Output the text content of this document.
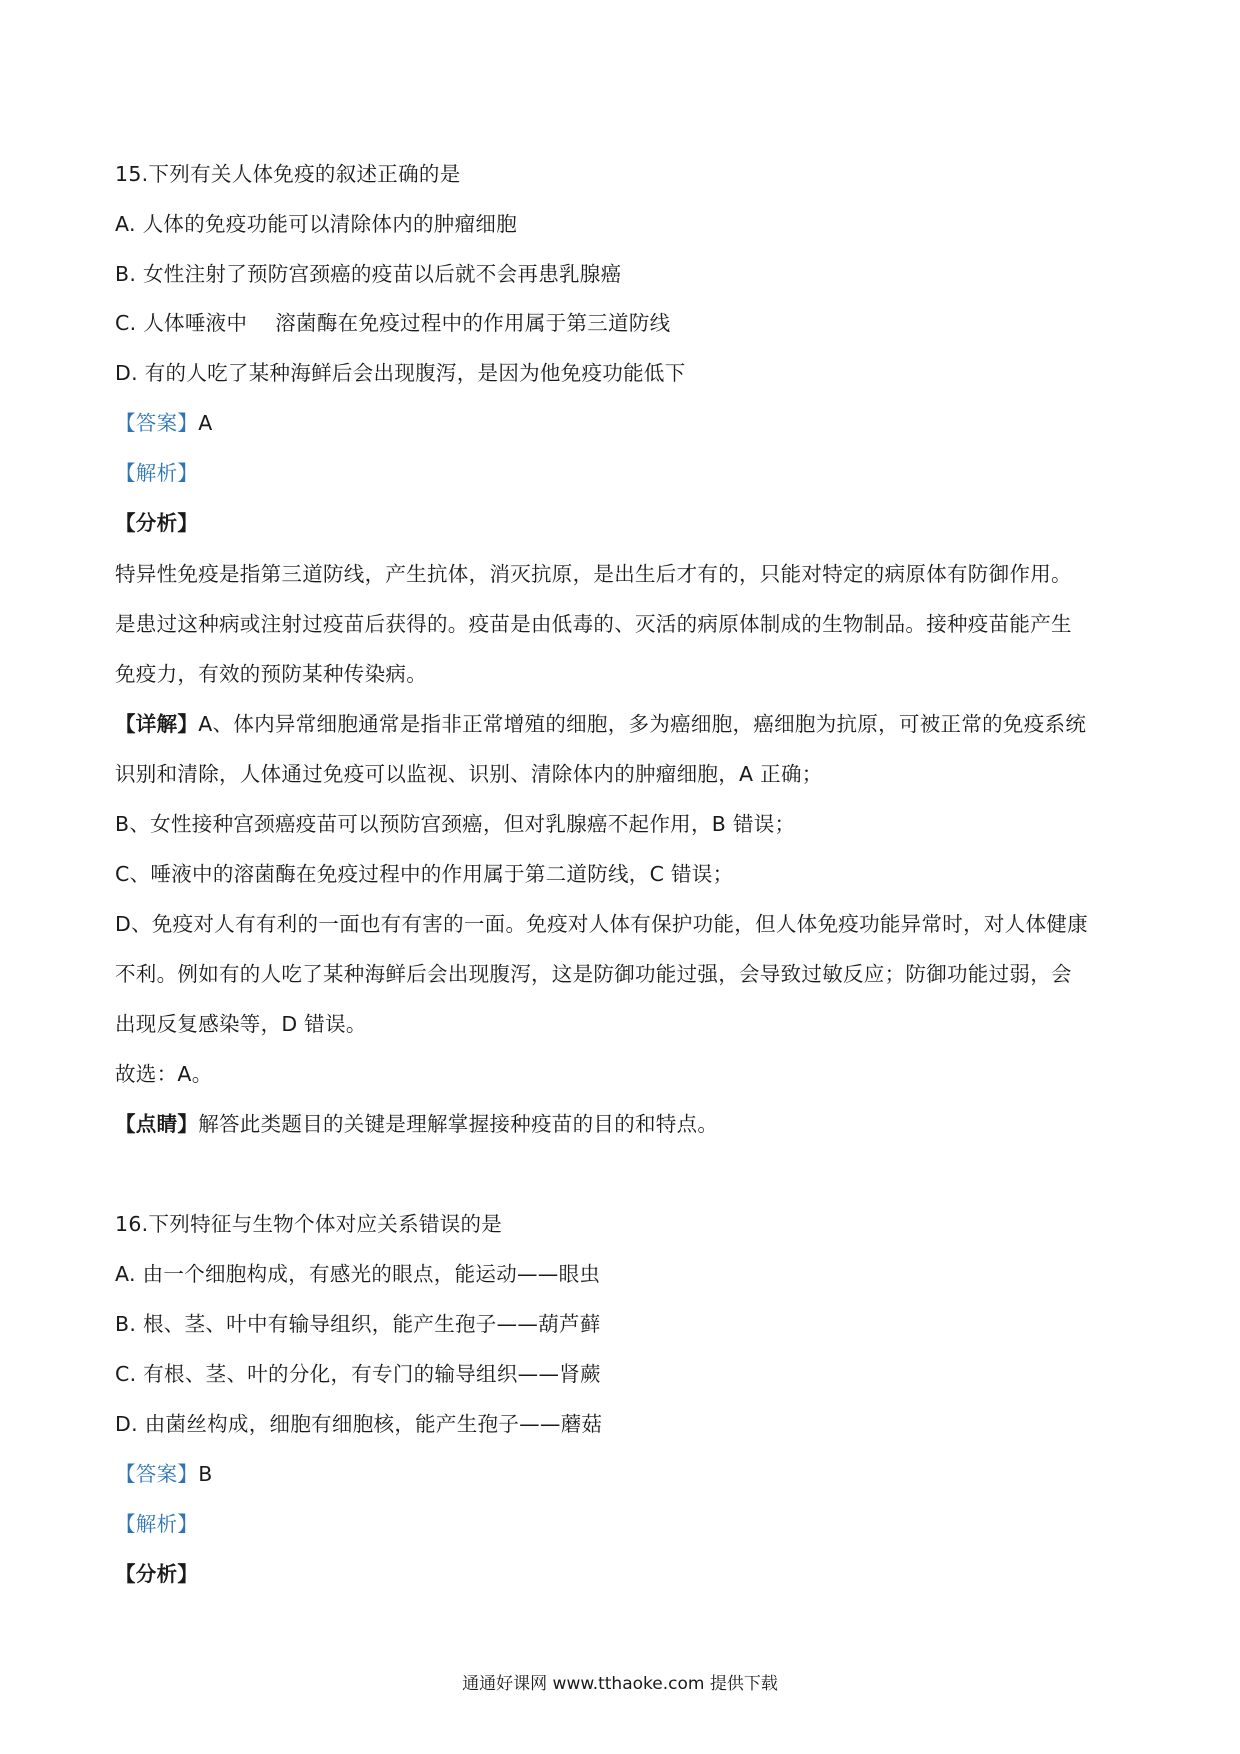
15.下列有关人体免疫的叙述正确的是
A. 人体的免疫功能可以清除体内的肿瘤细胞
B. 女性注射了预防宫颈癌的疫苗以后就不会再患乳腺癌
C. 人体唾液中 溶菌酶在免疫过程中的作用属于第三道防线
D. 有的人吃了某种海鲜后会出现腹泻，是因为他免疫功能低下
【答案】A
【解析】
【分析】
特异性免疫是指第三道防线，产生抗体，消灭抗原，是出生后才有的，只能对特定的病原体有防御作用。
是患过这种病或注射过疫苗后获得的。疫苗是由低毒的、灭活的病原体制成的生物制品。接种疫苗能产生
免疫力，有效的预防某种传染病。
【详解】A、体内异常细胞通常是指非正常增殖的细胞，多为癌细胞，癌细胞为抗原，可被正常的免疫系统
识别和清除，人体通过免疫可以监视、识别、清除体内的肿瘤细胞，A 正确；
B、女性接种宫颈癌疫苗可以预防宫颈癌，但对乳腺癌不起作用，B 错误；
C、唾液中的溶菌酶在免疫过程中的作用属于第二道防线，C 错误；
D、免疫对人有有利的一面也有有害的一面。免疫对人体有保护功能，但人体免疫功能异常时，对人体健康
不利。例如有的人吃了某种海鲜后会出现腹泻，这是防御功能过强，会导致过敏反应；防御功能过弱，会
出现反复感染等，D 错误。
故选：A。
【点睛】解答此类题目的关键是理解掌握接种疫苗的目的和特点。
16.下列特征与生物个体对应关系错误的是
A. 由一个细胞构成，有感光的眼点，能运动——眼虫
B. 根、茎、叶中有输导组织，能产生孢子——葫芦藓
C. 有根、茎、叶的分化，有专门的输导组织——肾蕨
D. 由菌丝构成，细胞有细胞核，能产生孢子——蘑菇
【答案】B
【解析】
【分析】
通通好课网 www.tthaoke.com 提供下载
